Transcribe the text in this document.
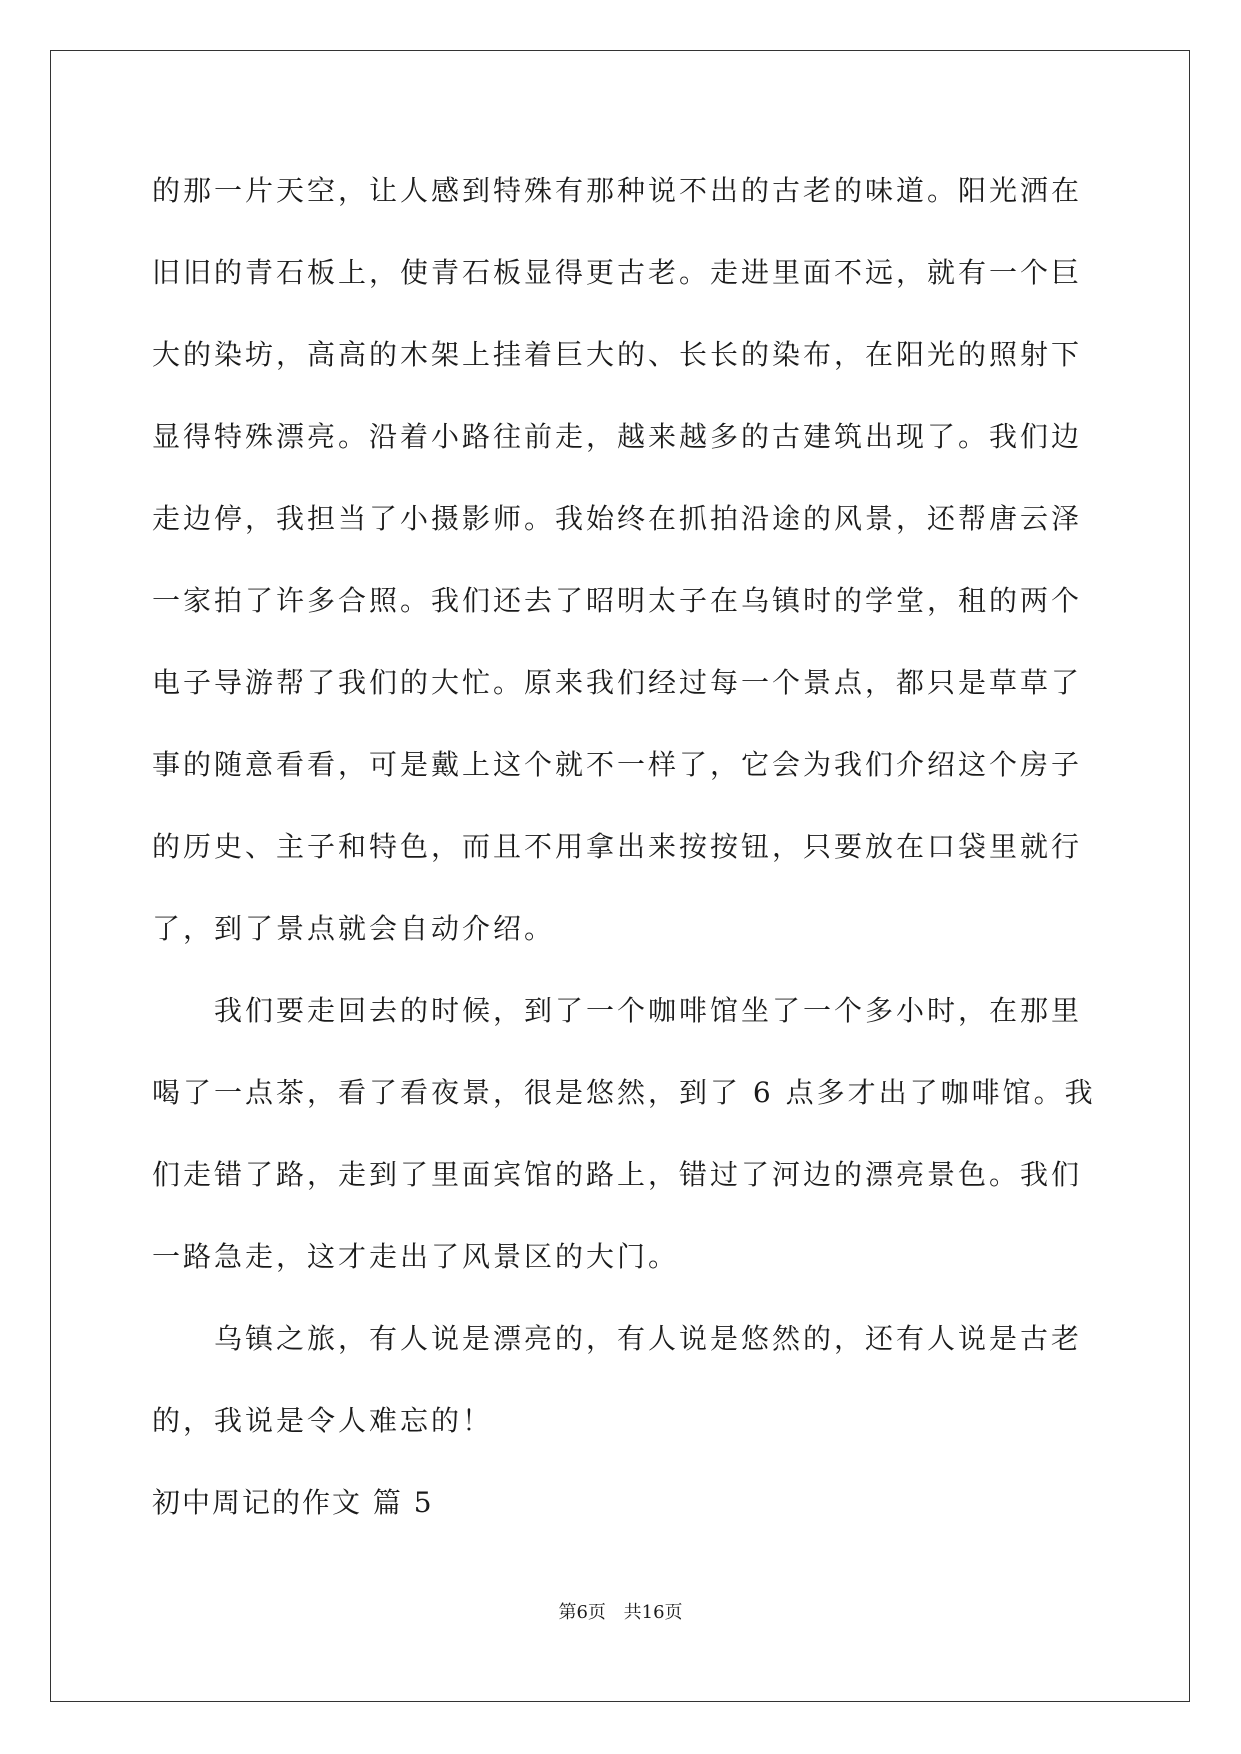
的那一片天空，让人感到特殊有那种说不出的古老的味道。阳光洒在
旧旧的青石板上，使青石板显得更古老。走进里面不远，就有一个巨
大的染坊，高高的木架上挂着巨大的、长长的染布，在阳光的照射下
显得特殊漂亮。沿着小路往前走，越来越多的古建筑出现了。我们边
走边停，我担当了小摄影师。我始终在抓拍沿途的风景，还帮唐云泽
一家拍了许多合照。我们还去了昭明太子在乌镇时的学堂，租的两个
电子导游帮了我们的大忙。原来我们经过每一个景点，都只是草草了
事的随意看看，可是戴上这个就不一样了，它会为我们介绍这个房子
的历史、主子和特色，而且不用拿出来按按钮，只要放在口袋里就行
了，到了景点就会自动介绍。
我们要走回去的时候，到了一个咖啡馆坐了一个多小时，在那里
喝了一点茶，看了看夜景，很是悠然，到了 6 点多才出了咖啡馆。我
们走错了路，走到了里面宾馆的路上，错过了河边的漂亮景色。我们
一路急走，这才走出了风景区的大门。
乌镇之旅，有人说是漂亮的，有人说是悠然的，还有人说是古老
的，我说是令人难忘的！
初中周记的作文 篇 5
第6页 共16页
